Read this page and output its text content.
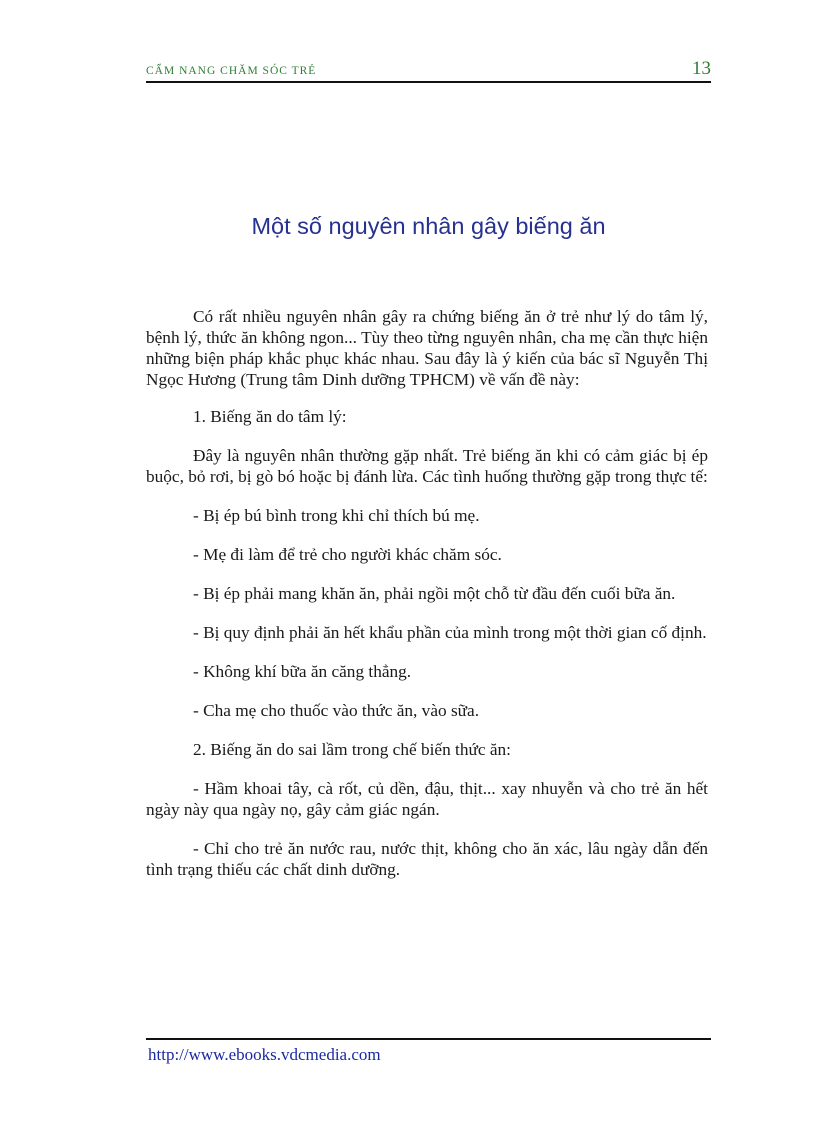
CẨM NANG CHĂM SÓC TRẺ	13
Một số nguyên nhân gây biếng ăn

Có rất nhiều nguyên nhân gây ra chứng biếng ăn ở trẻ như lý do tâm lý, bệnh lý, thức ăn không ngon... Tùy theo từng nguyên nhân, cha mẹ cần thực hiện những biện pháp khắc phục khác nhau. Sau đây là ý kiến của bác sĩ Nguyễn Thị Ngọc Hương (Trung tâm Dinh dưỡng TPHCM) về vấn đề này:

1. Biếng ăn do tâm lý:

Đây là nguyên nhân thường gặp nhất. Trẻ biếng ăn khi có cảm giác bị ép buộc, bỏ rơi, bị gò bó hoặc bị đánh lừa. Các tình huống thường gặp trong thực tế:

- Bị ép bú bình trong khi chỉ thích bú mẹ.

- Mẹ đi làm để trẻ cho người khác chăm sóc.

- Bị ép phải mang khăn ăn, phải ngồi một chỗ từ đầu đến cuối bữa ăn.

- Bị quy định phải ăn hết khẩu phần của mình trong một thời gian cố định.

- Không khí bữa ăn căng thẳng.

- Cha mẹ cho thuốc vào thức ăn, vào sữa.

2. Biếng ăn do sai lầm trong chế biến thức ăn:

- Hầm khoai tây, cà rốt, củ dền, đậu, thịt... xay nhuyễn và cho trẻ ăn hết ngày này qua ngày nọ, gây cảm giác ngán.

- Chỉ cho trẻ ăn nước rau, nước thịt, không cho ăn xác, lâu ngày dẫn đến tình trạng thiếu các chất dinh dưỡng.

http://www.ebooks.vdcmedia.com
